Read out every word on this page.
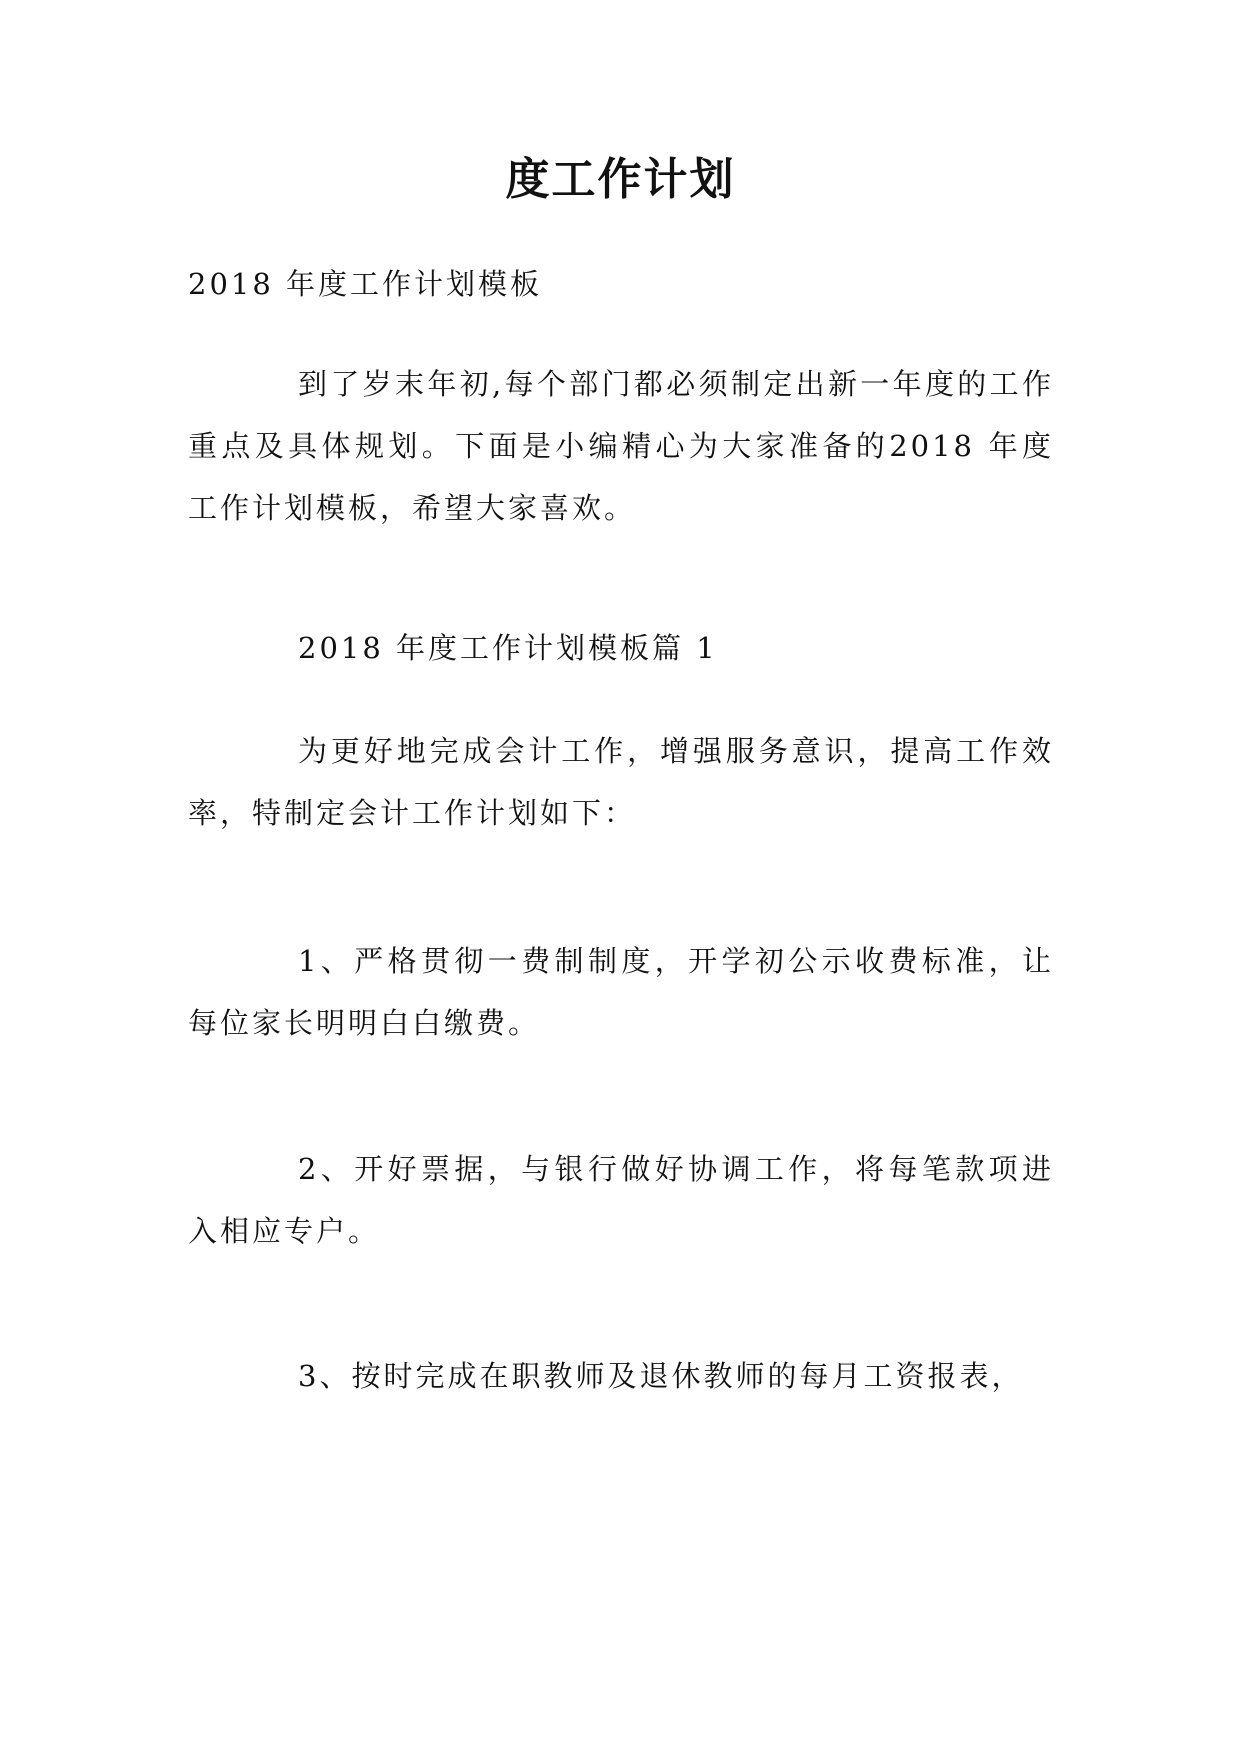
度工作计划
2018 年度工作计划模板
到了岁末年初,每个部门都必须制定出新一年度的工作重点及具体规划。下面是小编精心为大家准备的2018 年度工作计划模板，希望大家喜欢。
2018 年度工作计划模板篇 1
为更好地完成会计工作，增强服务意识，提高工作效率，特制定会计工作计划如下：
1、严格贯彻一费制制度，开学初公示收费标准，让每位家长明明白白缴费。
2、开好票据，与银行做好协调工作，将每笔款项进入相应专户。
3、按时完成在职教师及退休教师的每月工资报表，
